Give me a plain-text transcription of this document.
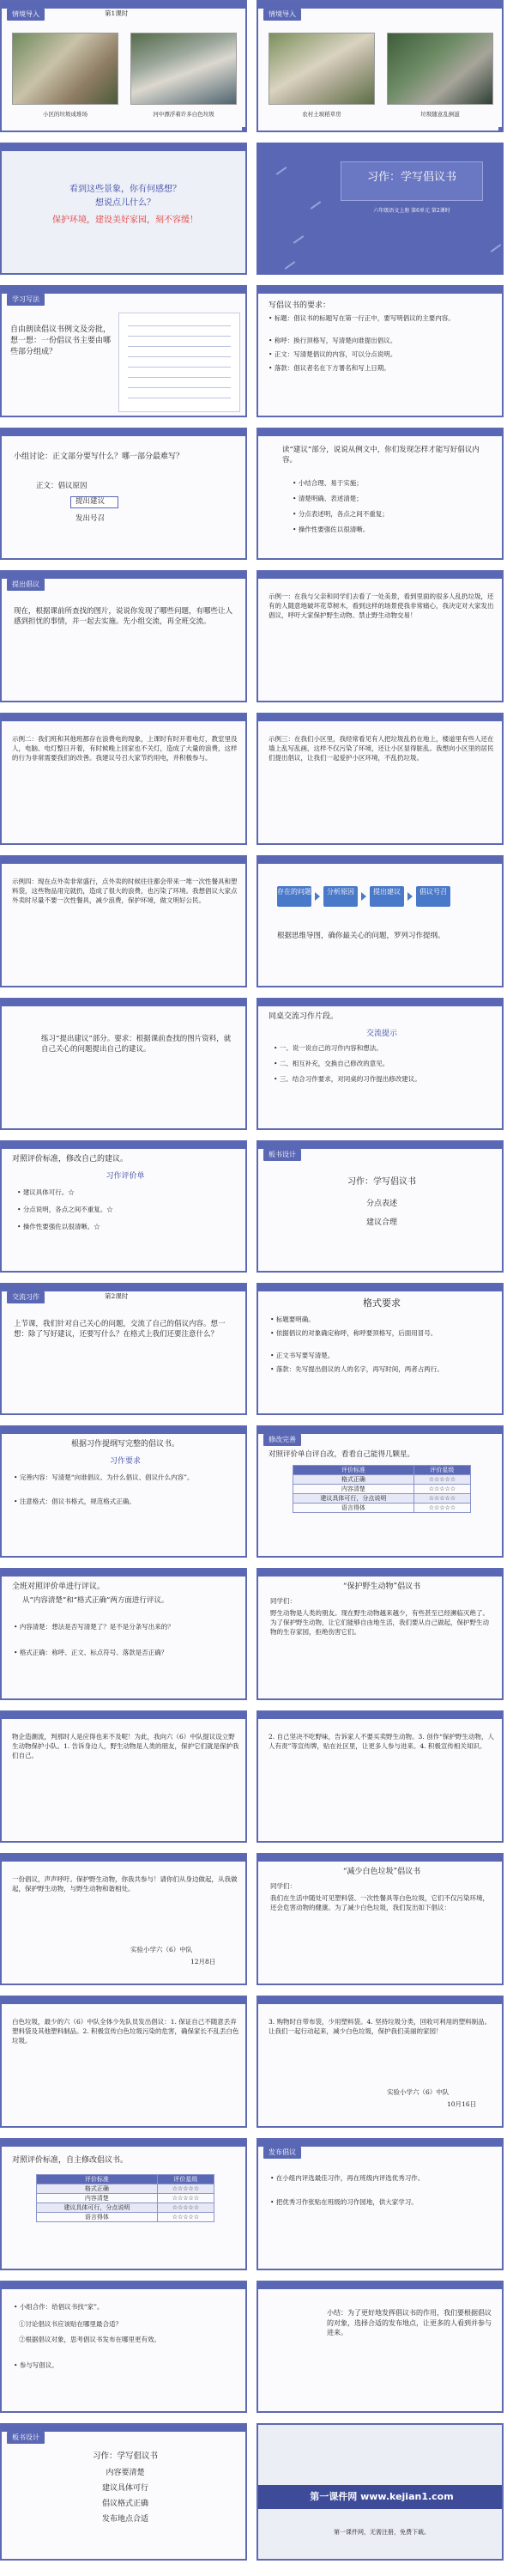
情境导入	第1课时
小区的垃圾成堆场	河中漂浮着许多白色垃圾
情境导入
农村土坡稻草房	垃圾随意乱倒滋
看到这些景象，你有何感想？
想说点儿什么？
保护环境，建设美好家园，刻不容缓！
习作：学写倡议书
六年级语文上册 第6单元 第2课时
学习写法
自由朗读倡议书例文及旁批，想一想：一份倡议书主要由哪些部分组成？
写倡议书的要求：
• 标题：倡议书的标题写在第一行正中，要写明倡议的主要内容。
• 称呼：换行顶格写，写清楚向谁提出倡议。
• 正文：写清楚倡议的内容，可以分点说明。
• 落款：倡议者名在下方署名和写上日期。
小组讨论：正文部分要写什么？哪一部分最难写？
正文：倡议原因
提出建议
发出号召
读“建议”部分，说说从例文中，你们发现怎样才能写好倡议内容。
• 小结合理、易于实施；
• 清楚明确、表述清楚；
• 分点表述明，各点之间不重复；
• 操作性要强佐以很清晰。
提出倡议
现在，根据课前所查找的图片，说说你发现了哪些问题，有哪些让人感到担忧的事情，并一起去实施。先小组交流，再全班交流。
示例一：在我与父亲和同学们去看了一处美景，看到里面的很多人乱扔垃圾，还有的人随意地破坏花草树木，看到这样的场景使我非常痛心，我决定对大家发出倡议，呼吁大家保护野生动物、禁止野生动物交易！
示例二：我们班和其他班都存在浪费电的现象，上课时有时开着电灯，教室里没人，电脑、电灯整日开着，有时候晚上回家也不关灯，造成了大量的浪费，这样的行为非常需要我们的改善。我建议号召大家节约用电，并积极参与。
示例三：在我们小区里，我经常看见有人把垃圾乱扔在地上，楼道里有些人还在墙上乱写乱画，这样不仅污染了环境，还让小区显得脏乱。我想向小区里的居民们提出倡议，让我们一起爱护小区环境，不乱扔垃圾。
示例四：现在点外卖非常盛行，点外卖的时候往往都会带来一堆一次性餐具和塑料袋，这些物品用完就扔，造成了很大的浪费，也污染了环境。我想倡议大家点外卖时尽量不要一次性餐具，减少浪费，保护环境，做文明好公民。
存在的问题	分析原因	提出建议	倡议号召
根据思维导图，确你最关心的问题，罗列习作提纲。
练习“提出建议”部分。要求：根据课前查找的图片资料，就自己关心的问题提出自己的建议。
同桌交流习作片段。
交流提示
• 一、说一说自己的习作内容和想法。
• 二、相互补充，交换自己修改的意见。
• 三、结合习作要求，对同桌的习作提出修改建议。
对照评价标准，修改自己的建议。
习作评价单
• 建议具体可行。☆
• 分点说明，各点之间不重复。☆
• 操作性要强佐以很清晰。☆
板书设计
习作：学写倡议书
分点表述
建议合理
交流习作	第2课时
上节课，我们针对自己关心的问题，交流了自己的倡议内容。想一想：除了写好建议，还要写什么？在格式上我们还要注意什么？
格式要求
• 标题要明确。
• 依据倡议的对象确定称呼，称呼要顶格写，后面用冒号。
• 正文书写要写清楚。
• 落款：先写提出倡议的人的名字，再写时间，两者占两行。
根据习作提纲写完整的倡议书。
习作要求
• 完善内容：写清楚“向谁倡议、为什么倡议、倡议什么内容”。
• 注意格式：倡议书格式，规范格式正确。
修改完善
对照评价单自评自改，看看自己能得几颗星。
评价标准	评价星级
格式正确	☆☆☆☆☆
内容清楚	☆☆☆☆☆
建议具体可行，分点说明	☆☆☆☆☆
语言得体	☆☆☆☆☆
全班对照评价单进行评议。
从“内容清楚”和“格式正确”两方面进行评议。
• 内容清楚：想法是否写清楚了？是不是分条写出来的？
• 格式正确：称呼、正文、标点符号、落款是否正确？
“保护野生动物”倡议书
同学们：
野生动物是人类的朋友。现在野生动物越来越少，有些甚至已经濒临灭绝了。为了保护野生动物，让它们能够自由地生活，我们要从自己做起，保护野生动物的生存家园，拒绝伤害它们。
物企造潮流，判那时人是应得也来不及呢！为此，我向六（6）中队提议设立野生动物保护小队。1. 告诉身边人，野生动物是人类的朋友，保护它们就是保护我们自己。
2. 自己坚决不吃野味，告诉家人不要买卖野生动物。3. 创作“保护野生动物，人人有责”等宣传牌，贴在社区里，让更多人参与进来。4. 积极宣传相关知识。
一份倡议，声声呼吁。保护野生动物，你我共参与！请你们从身边做起，从我做起，保护野生动物，与野生动物和谐相处。
实验小学六（6）中队
12月8日
“减少白色垃圾”倡议书
同学们：
我们在生活中随处可见塑料袋、一次性餐具等白色垃圾，它们不仅污染环境，还会危害动物的健康。为了减少白色垃圾，我们发出如下倡议：
白色垃圾，最少的六（6）中队全体少先队员发出倡议：1. 保证自己不随意丢弃塑料袋及其他塑料制品。2. 积极宣传白色垃圾污染的危害，确保家长不乱丢白色垃圾。
3. 购物时自带布袋，少用塑料袋。4. 坚持垃圾分类，回收可利用的塑料制品。让我们一起行动起来，减少白色垃圾，保护我们美丽的家园！
实验小学六（6）中队
10月16日
对照评价标准，自主修改倡议书。
评价标准	评价星级
格式正确	☆☆☆☆☆
内容清楚	☆☆☆☆☆
建议具体可行，分点说明	☆☆☆☆☆
语言得体	☆☆☆☆☆
发布倡议
• 在小组内评选最佳习作，再在班级内评选优秀习作。
• 把优秀习作张贴在班级的习作园地，供大家学习。
• 小组合作：给倡议书找“家”。
①讨论倡议书应该贴在哪里最合适？
②根据倡议对象，思考倡议书发布在哪里更有效。
• 参与写倡议。
小结：为了更好地发挥倡议书的作用，我们要根据倡议的对象，选择合适的发布地点，让更多的人看到并参与进来。
板书设计
习作：学写倡议书
内容要清楚
建议具体可行
倡议格式正确
发布地点合适
第一课件网 www.kejian1.com
第一课件网，无需注册，免费下载。
